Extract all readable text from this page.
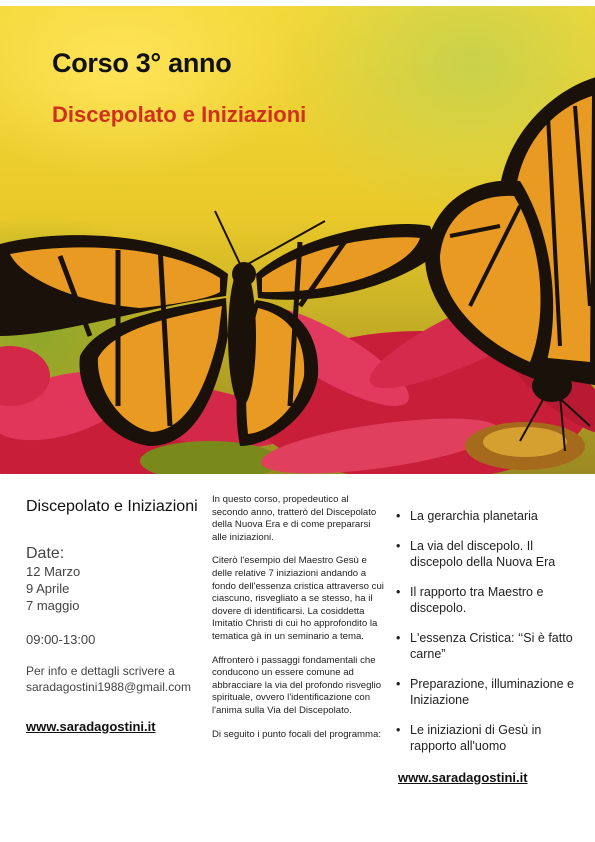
Corso 3° anno
Discepolato e Iniziazioni
Discepolato e Iniziazioni
Date:
12 Marzo
9 Aprile
7 maggio
09:00-13:00
Per info e dettagli scrivere a saradagostini1988@gmail.com
www.saradagostini.it

In questo corso, propedeutico al secondo anno, tratterò del Discepolato della Nuova Era e di come prepararsi alle iniziazioni.

Citerò l'esempio del Maestro Gesù e delle relative 7 iniziazioni andando a fondo dell'essenza cristica attraverso cui ciascuno, risvegliato a se stesso, ha il dovere di identificarsi. La cosiddetta Imitatio Christi di cui ho approfondito la tematica gà in un seminario a tema.

Affronterò i passaggi fondamentali che conducono un essere comune ad abbracciare la via del profondo risveglio spirituale, ovvero l'identificazione con l'anima sulla Via del Discepolato.

Di seguito i punto focali del programma:

• La gerarchia planetaria
• La via del discepolo. Il discepolo della Nuova Era
• Il rapporto tra Maestro e discepolo.
• L'essenza Cristica: ‘‘Si è fatto carne”
• Preparazione, illuminazione e Iniziazione
• Le iniziazioni di Gesù in rapporto all'uomo
www.saradagostini.it
